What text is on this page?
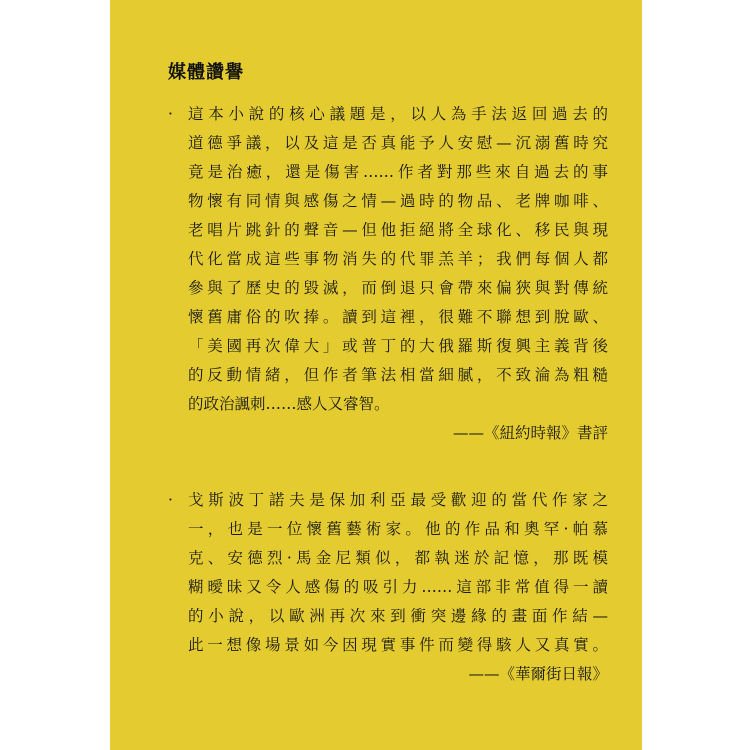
媒體讚譽
· 這本小說的核心議題是，以人為手法返回過去的
道德爭議，以及這是否真能予人安慰—沉溺舊時究
竟是治癒，還是傷害……作者對那些來自過去的事
物懷有同情與感傷之情—過時的物品、老牌咖啡、
老唱片跳針的聲音—但他拒絕將全球化、移民與現
代化當成這些事物消失的代罪羔羊；我們每個人都
參與了歷史的毀滅，而倒退只會帶來偏狹與對傳統
懷舊庸俗的吹捧。讀到這裡，很難不聯想到脫歐、
「美國再次偉大」或普丁的大俄羅斯復興主義背後
的反動情緒，但作者筆法相當細膩，不致淪為粗糙
的政治諷刺……感人又睿智。
——《紐約時報》書評
· 戈斯波丁諾夫是保加利亞最受歡迎的當代作家之
一，也是一位懷舊藝術家。他的作品和奧罕·帕慕
克、安德烈·馬金尼類似，都執迷於記憶，那既模
糊曖昧又令人感傷的吸引力……這部非常值得一讀
的小說，以歐洲再次來到衝突邊緣的畫面作結—
此一想像場景如今因現實事件而變得駭人又真實。
——《華爾街日報》
